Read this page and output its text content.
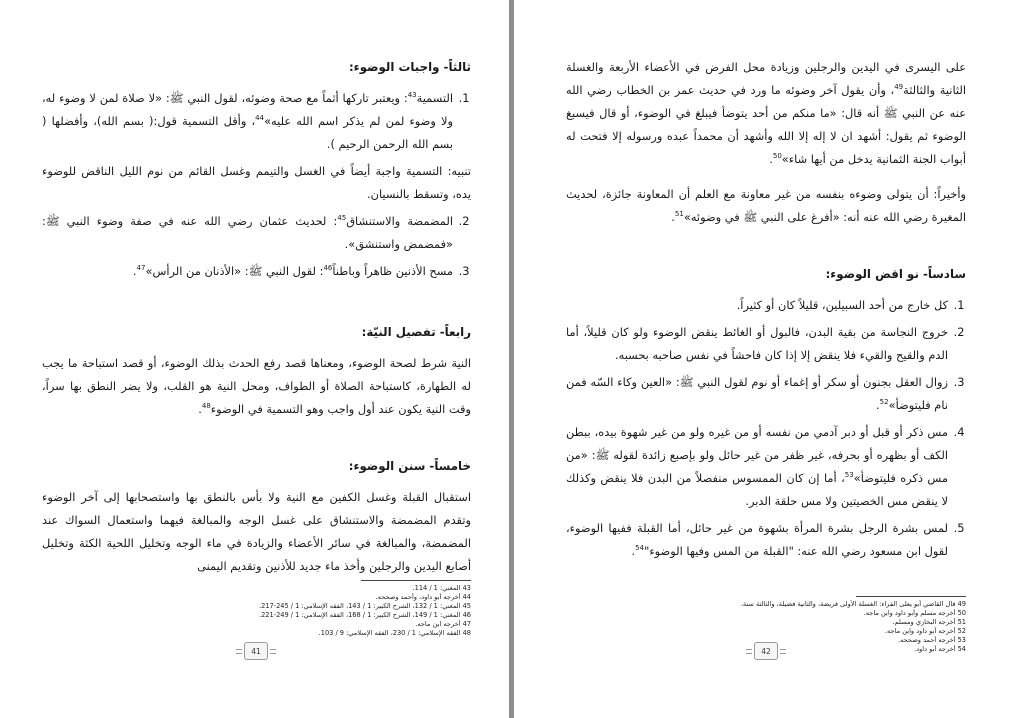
ثالثاً- واجبات الوضوء:
1. التسمية$^{43}$: ويعتبر تاركها أثماً مع صحة وضوئه، لقول النبي ﷺ: «لا صلاة لمن لا وضوء له، ولا وضوء لمن لم يذكر اسم الله عليه»$^{44}$، وأقل التسمية قول:( بسم الله)، وأفضلها ( بسم الله الرحمن الرحيم ).

تنبيه: التسمية واجبة أيضاً في الغسل والتيمم وغسل القائم من نوم الليل الناقض للوضوء يده، وتسقط بالنسيان.

2. المضمضة والاستنشاق$^{45}$: لحديث عثمان رضي الله عنه في صفة وضوء النبي ﷺ: «فمضمض واستنشق».
3. مسح الأذنين ظاهراً وباطناً$^{46}$: لقول النبي ﷺ: «الأذنان من الرأس»$^{47}$.
رابعاً- تفصيل النيّة:

النية شرط لصحة الوضوء، ومعناها قصد رفع الحدث بذلك الوضوء، أو قصد استباحة ما يجب له الطهارة، كاستباحة الصلاة أو الطواف، ومحل النية هو القلب، ولا يضر النطق بها سراً، وقت النية يكون عند أول واجب وهو التسمية في الوضوء$^{48}$.

خامساً- سنن الوضوء:

استقبال القبلة وغسل الكفين مع النية ولا بأس بالنطق بها واستصحابها إلى آخر الوضوء وتقدم المضمضة والاستنشاق على غسل الوجه والمبالغة فيهما واستعمال السواك عند المضمضة، والمبالغة في سائر الأعضاء والزيادة في ماء الوجه وتخليل اللحية الكثة وتخليل أصابع اليدين والرجلين وأخذ ماء جديد للأذنين وتقديم اليمنى

43 المغني: 1 / 114.
44 أخرجه أبو داود، وأحمد وصححه.
45 المغني: 1 / 132، الشرح الكبير: 1 / 143، الفقه الإسلامي: 1 / 245-217.
46 المغني: 1 / 149، الشرح الكبير: 1 / 168، الفقه الإسلامي: 1 / 249-221.
47 أخرجه ابن ماجه.
48 الفقه الإسلامي: 1 / 230، الفقه الإسلامي: 9 / 103.
41

على اليسرى في اليدين والرجلين وزيادة محل الفرض في الأعضاء الأربعة والغسلة الثانية والثالثة$^{49}$، وأن يقول آخر وضوئه ما ورد في حديث عمر بن الخطاب رضي الله عنه عن النبي ﷺ أنه قال: «ما منكم من أحد يتوضأ فيبلغ في الوضوء، أو قال فيسبغ الوضوء ثم يقول: أشهد ان لا إله إلا الله وأشهد أن محمداً عبده ورسوله إلا فتحت له أبواب الجنة الثمانية يدخل من أيها شاء»$^{50}$.

وأخيراً: أن يتولى وضوءه بنفسه من غير معاونة مع العلم أن المعاونة جائزة، لحديث المغيرة رضي الله عنه أنه: «أفرغ على النبي ﷺ في وضوئه»$^{51}$.

سادساً- نو اقض الوضوء:
1. كل خارج من أحد السبيلين، قليلاً كان أو كثيراً.
2. خروج النجاسة من بقية البدن، فالبول أو الغائط ينقض الوضوء ولو كان قليلاً، أما الدم والقيح والقيء فلا ينقض إلا إذا كان فاحشاً في نفس صاحبه بحسبه.
3. زوال العقل بجنون أو سكر أو إغماء أو نوم لقول النبي ﷺ: «العين وكاء السّه فمن نام فليتوضأ»$^{52}$.
4. مس ذكر أو قبل أو دبر آدمي من نفسه أو من غيره ولو من غير شهوة بيده، ببطن الكف أو بظهره أو بحرفه، غير ظفر من غير حائل ولو بإصبع زائدة لقوله ﷺ: «من مس ذكره فليتوضأ»$^{53}$، أما إن كان الممسوس منفصلاً من البدن فلا ينقض وكذلك لا ينقض مس الخصيتين ولا مس حلقة الدبر.
5. لمس بشرة الرجل بشرة المرأة بشهوة من غير حائل، أما القبلة ففيها الوضوء، لقول ابن مسعود رضي الله عنه: "القبلة من المس وفيها الوضوء"$^{54}$.
49 قال القاضي أبو يعلى الفراء: الغسلة الأولى فريضة، والثانية فضيلة، والثالثة سنة.
50 أخرجه مسلم وأبو داود وابن ماجه.
51 أخرجه البخاري ومسلم.
52 أخرجه أبو داود وابن ماجه.
53 أخرجه أحمد وصححه.
54 أخرجه أبو داود.
42
